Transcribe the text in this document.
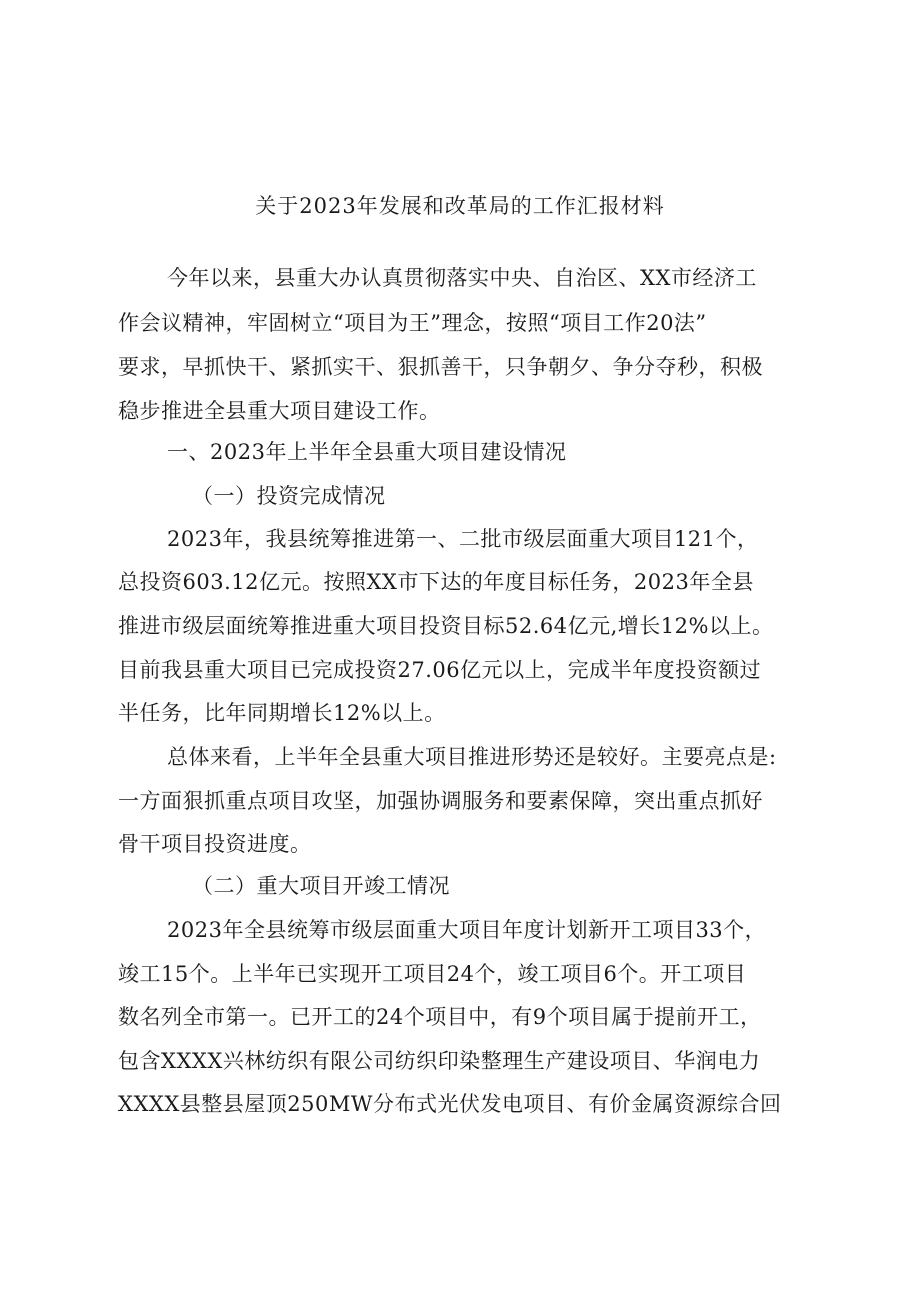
关于2023年发展和改革局的工作汇报材料
今年以来，县重大办认真贯彻落实中央、自治区、XX市经济工
作会议精神，牢固树立“项目为王”理念，按照“项目工作20法”
要求，早抓快干、紧抓实干、狠抓善干，只争朝夕、争分夺秒，积极
稳步推进全县重大项目建设工作。
一、2023年上半年全县重大项目建设情况
（一）投资完成情况
2023年，我县统筹推进第一、二批市级层面重大项目121个，
总投资603.12亿元。按照XX市下达的年度目标任务，2023年全县
推进市级层面统筹推进重大项目投资目标52.64亿元,增长12%以上。
目前我县重大项目已完成投资27.06亿元以上，完成半年度投资额过
半任务，比年同期增长12%以上。
总体来看，上半年全县重大项目推进形势还是较好。主要亮点是:
一方面狠抓重点项目攻坚，加强协调服务和要素保障，突出重点抓好
骨干项目投资进度。
（二）重大项目开竣工情况
2023年全县统筹市级层面重大项目年度计划新开工项目33个，
竣工15个。上半年已实现开工项目24个，竣工项目6个。开工项目
数名列全市第一。已开工的24个项目中，有9个项目属于提前开工，
包含XXXX兴林纺织有限公司纺织印染整理生产建设项目、华润电力
XXXX县整县屋顶250MW分布式光伏发电项目、有价金属资源综合回
